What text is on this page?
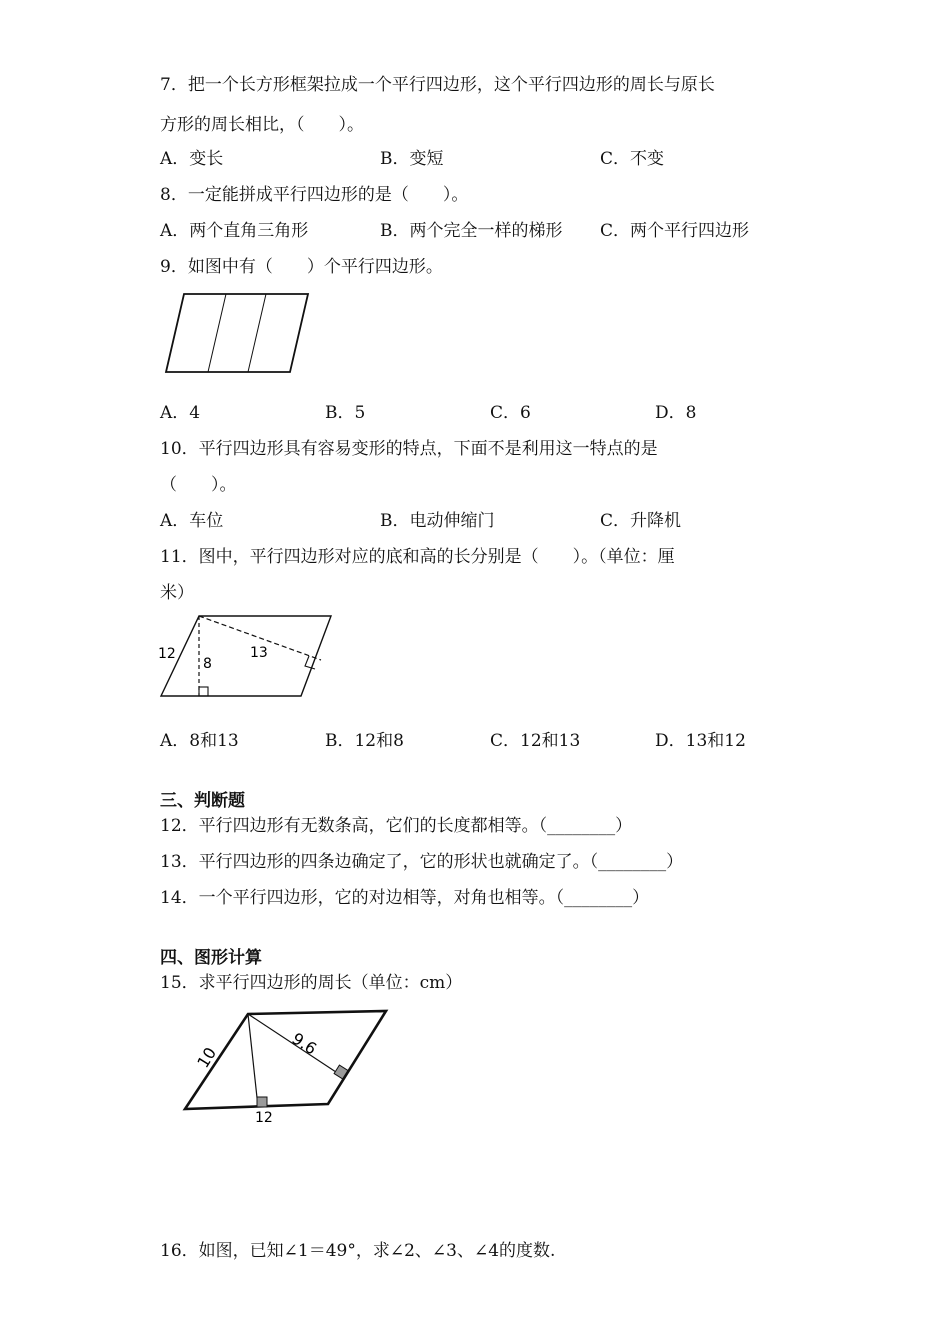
7．把一个长方形框架拉成一个平行四边形，这个平行四边形的周长与原长
方形的周长相比，（　　）。
A．变长	B．变短	C．不变
8．一定能拼成平行四边形的是（　　）。
A．两个直角三角形	B．两个完全一样的梯形 C．两个平行四边形
9．如图中有（　　）个平行四边形。
A．4	B．5	C．6	D．8
10．平行四边形具有容易变形的特点，下面不是利用这一特点的是
（　　）。
A．车位	B．电动伸缩门	C．升降机
11．图中，平行四边形对应的底和高的长分别是（　　）。（单位：厘
米）
12
8
13
A．8和13	B．12和8	C．12和13	D．13和12
三、判断题
12．平行四边形有无数条高，它们的长度都相等。（________）
13．平行四边形的四条边确定了，它的形状也就确定了。（________）
14．一个平行四边形，它的对边相等，对角也相等。（________）
四、图形计算
15．求平行四边形的周长（单位：cm）
10	9.6
12
16．如图，已知∠1＝49°，求∠2、∠3、∠4的度数.
